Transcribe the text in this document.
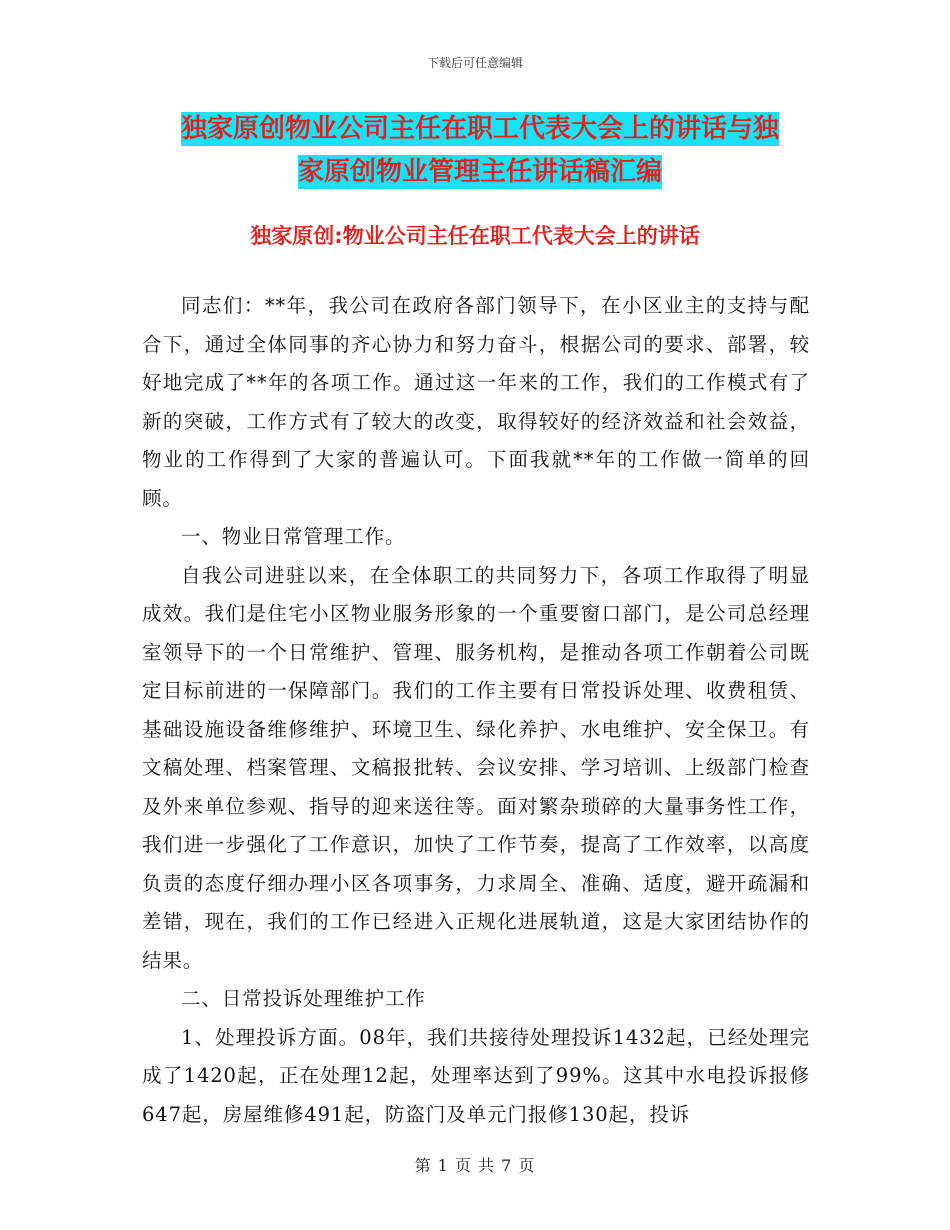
下载后可任意编辑
独家原创物业公司主任在职工代表大会上的讲话与独
家原创物业管理主任讲话稿汇编
独家原创:物业公司主任在职工代表大会上的讲话

同志们：**年，我公司在政府各部门领导下，在小区业主的支持与配合下，通过全体同事的齐心协力和努力奋斗，根据公司的要求、部署，较好地完成了**年的各项工作。通过这一年来的工作，我们的工作模式有了新的突破，工作方式有了较大的改变，取得较好的经济效益和社会效益，物业的工作得到了大家的普遍认可。下面我就**年的工作做一简单的回顾。

一、物业日常管理工作。

自我公司进驻以来，在全体职工的共同努力下，各项工作取得了明显成效。我们是住宅小区物业服务形象的一个重要窗口部门，是公司总经理室领导下的一个日常维护、管理、服务机构，是推动各项工作朝着公司既定目标前进的一保障部门。我们的工作主要有日常投诉处理、收费租赁、基础设施设备维修维护、环境卫生、绿化养护、水电维护、安全保卫。有文稿处理、档案管理、文稿报批转、会议安排、学习培训、上级部门检查及外来单位参观、指导的迎来送往等。面对繁杂琐碎的大量事务性工作，我们进一步强化了工作意识，加快了工作节奏，提高了工作效率，以高度负责的态度仔细办理小区各项事务，力求周全、准确、适度，避开疏漏和差错，现在，我们的工作已经进入正规化进展轨道，这是大家团结协作的结果。

二、日常投诉处理维护工作

1、处理投诉方面。08年，我们共接待处理投诉1432起，已经处理完成了1420起，正在处理12起，处理率达到了99%。这其中水电投诉报修647起，房屋维修491起，防盗门及单元门报修130起，投诉

第 1 页 共 7 页
